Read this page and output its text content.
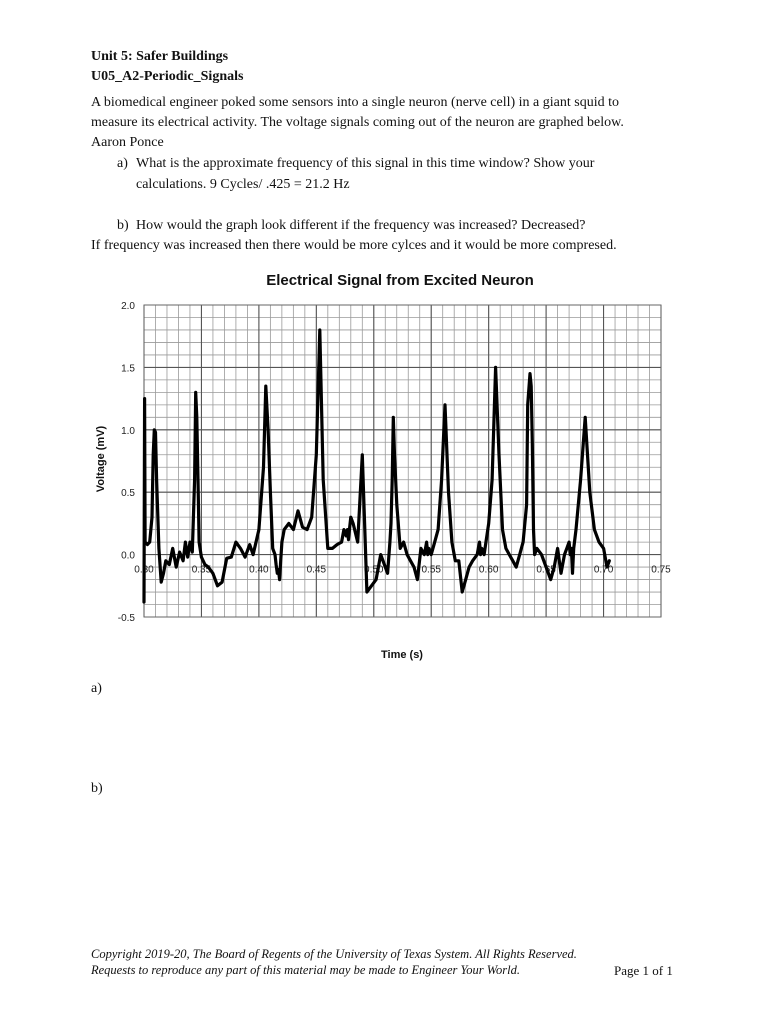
Unit 5: Safer Buildings
U05_A2-Periodic_Signals
A biomedical engineer poked some sensors into a single neuron (nerve cell) in a giant squid to
measure its electrical activity. The voltage signals coming out of the neuron are graphed below.
Aaron Ponce
a) What is the approximate frequency of this signal in this time window? Show your
calculations. 9 Cycles/ .425 = 21.2 Hz
b) How would the graph look different if the frequency was increased? Decreased?
If frequency was increased then there would be more cylces and it would be more compresed.
Electrical Signal from Excited Neuron
-0.5
0.0
0.5
1.0
1.5
2.0
0.30	0.35	0.40	0.45	0.50	0.55	0.60	0.65	0.70	0.75
Voltage (mV)
Time (s)
a)
b)
Copyright 2019-20, The Board of Regents of the University of Texas System. All Rights Reserved.
Requests to reproduce any part of this material may be made to Engineer Your World.	Page 1 of 1
